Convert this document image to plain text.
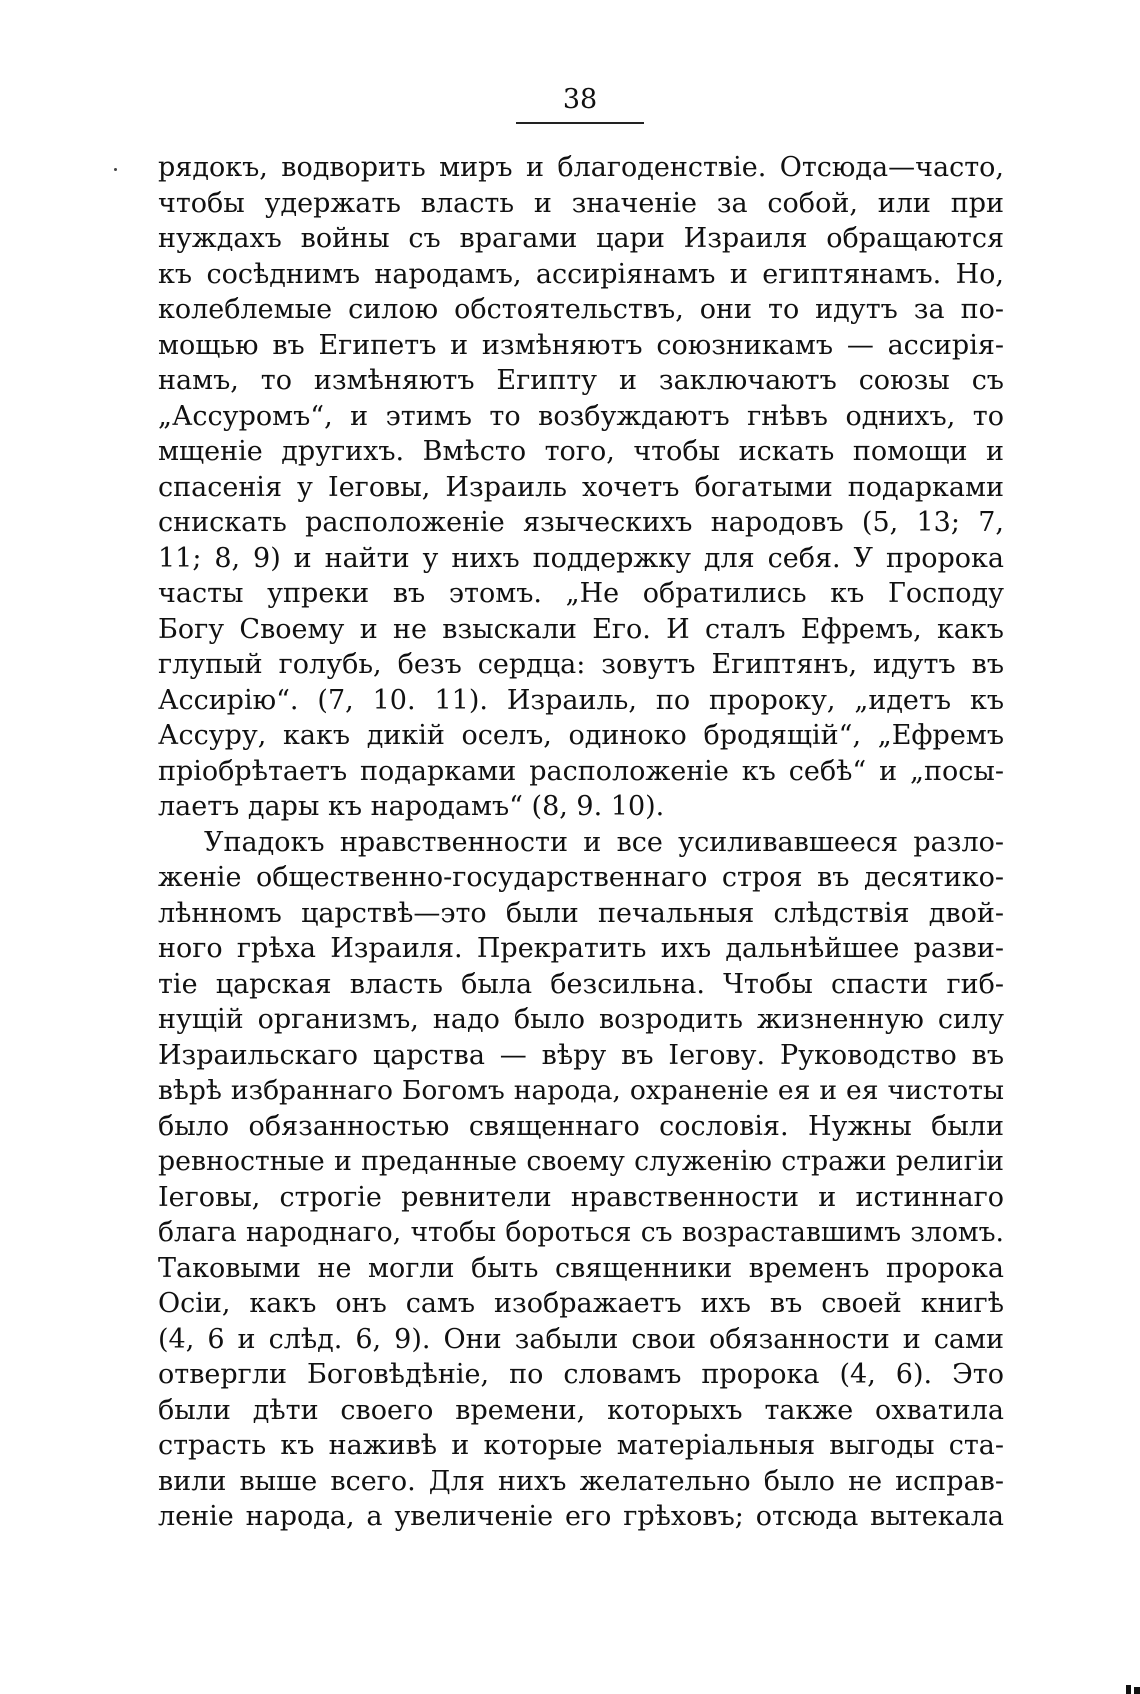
38
рядокъ, водворить миръ и благоденствіе. Отсюда—часто,
чтобы удержать власть и значеніе за собой, или при
нуждахъ войны съ врагами цари Израиля обращаются
къ сосѣднимъ народамъ, ассиріянамъ и египтянамъ. Но,
колеблемые силою обстоятельствъ, они то идутъ за по-
мощью въ Египетъ и измѣняютъ союзникамъ — ассирія-
намъ, то измѣняютъ Египту и заключаютъ союзы съ
„Ассуромъ“, и этимъ то возбуждаютъ гнѣвъ однихъ, то
мщеніе другихъ. Вмѣсто того, чтобы искать помощи и
спасенія у Іеговы, Израиль хочетъ богатыми подарками
снискать расположеніе языческихъ народовъ (5, 13; 7,
11; 8, 9) и найти у нихъ поддержку для себя. У пророка
часты упреки въ этомъ. „Не обратились къ Господу
Богу Своему и не взыскали Его. И сталъ Ефремъ, какъ
глупый голубь, безъ сердца: зовутъ Египтянъ, идутъ въ
Ассирію“. (7, 10. 11). Израиль, по пророку, „идетъ къ
Ассуру, какъ дикій оселъ, одиноко бродящій“, „Ефремъ
пріобрѣтаетъ подарками расположеніе къ себѣ“ и „посы-
лаетъ дары къ народамъ“ (8, 9. 10).
Упадокъ нравственности и все усиливавшееся разло-
женіе общественно-государственнаго строя въ десятико-
лѣнномъ царствѣ—это были печальныя слѣдствія двой-
ного грѣха Израиля. Прекратить ихъ дальнѣйшее разви-
тіе царская власть была безсильна. Чтобы спасти гиб-
нущій организмъ, надо было возродить жизненную силу
Израильскаго царства — вѣру въ Іегову. Руководство въ
вѣрѣ избраннаго Богомъ народа, охраненіе ея и ея чистоты
было обязанностью священнаго сословія. Нужны были
ревностные и преданные своему служенію стражи религіи
Іеговы, строгіе ревнители нравственности и истиннаго
блага народнаго, чтобы бороться съ возраставшимъ зломъ.
Таковыми не могли быть священники временъ пророка
Осіи, какъ онъ самъ изображаетъ ихъ въ своей книгѣ
(4, 6 и слѣд. 6, 9). Они забыли свои обязанности и сами
отвергли Боговѣдѣніе, по словамъ пророка (4, 6). Это
были дѣти своего времени, которыхъ также охватила
страсть къ наживѣ и которые матеріальныя выгоды ста-
вили выше всего. Для нихъ желательно было не исправ-
леніе народа, а увеличеніе его грѣховъ; отсюда вытекала
